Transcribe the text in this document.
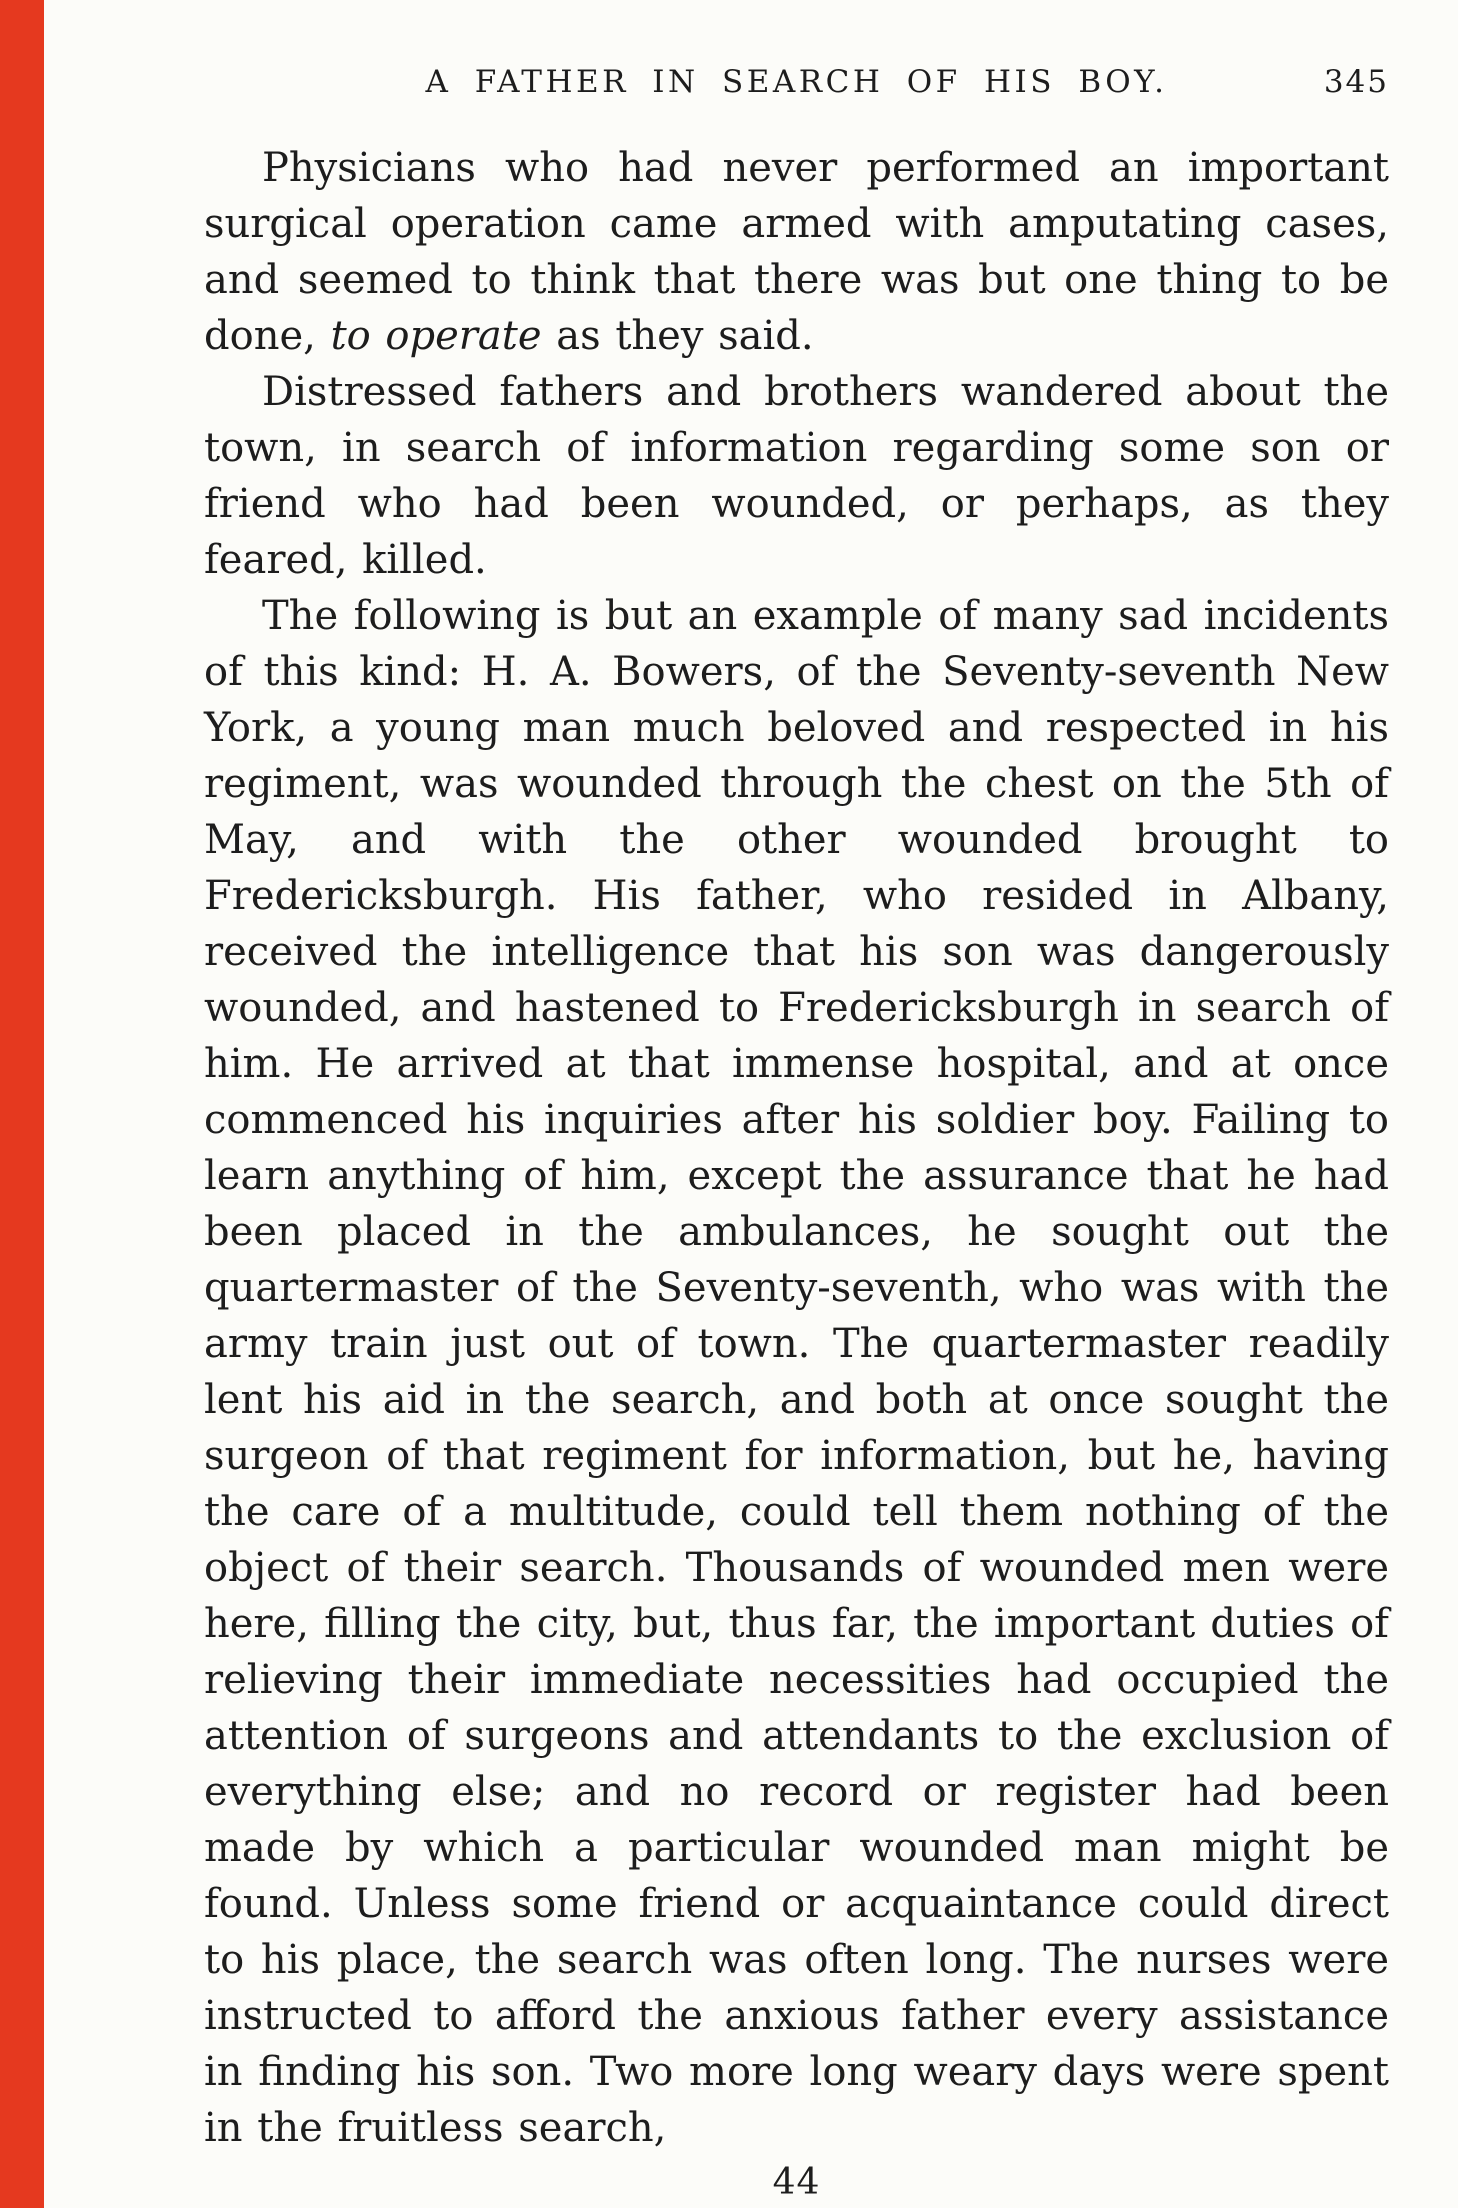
A FATHER IN SEARCH OF HIS BOY.	345

Physicians who had never performed an important surgical operation came armed with amputating cases, and seemed to think that there was but one thing to be done, to operate as they said.

Distressed fathers and brothers wandered about the town, in search of information regarding some son or friend who had been wounded, or perhaps, as they feared, killed.

The following is but an example of many sad incidents of this kind: H. A. Bowers, of the Seventy-seventh New York, a young man much beloved and respected in his regiment, was wounded through the chest on the 5th of May, and with the other wounded brought to Fredericksburgh. His father, who resided in Albany, received the intelligence that his son was dangerously wounded, and hastened to Fredericksburgh in search of him. He arrived at that immense hospital, and at once commenced his inquiries after his soldier boy. Failing to learn anything of him, except the assurance that he had been placed in the ambulances, he sought out the quartermaster of the Seventy-seventh, who was with the army train just out of town. The quartermaster readily lent his aid in the search, and both at once sought the surgeon of that regiment for information, but he, having the care of a multitude, could tell them nothing of the object of their search. Thousands of wounded men were here, filling the city, but, thus far, the important duties of relieving their immediate necessities had occupied the attention of surgeons and attendants to the exclusion of everything else; and no record or register had been made by which a particular wounded man might be found. Unless some friend or acquaintance could direct to his place, the search was often long. The nurses were instructed to afford the anxious father every assistance in finding his son. Two more long weary days were spent in the fruitless search,

44
